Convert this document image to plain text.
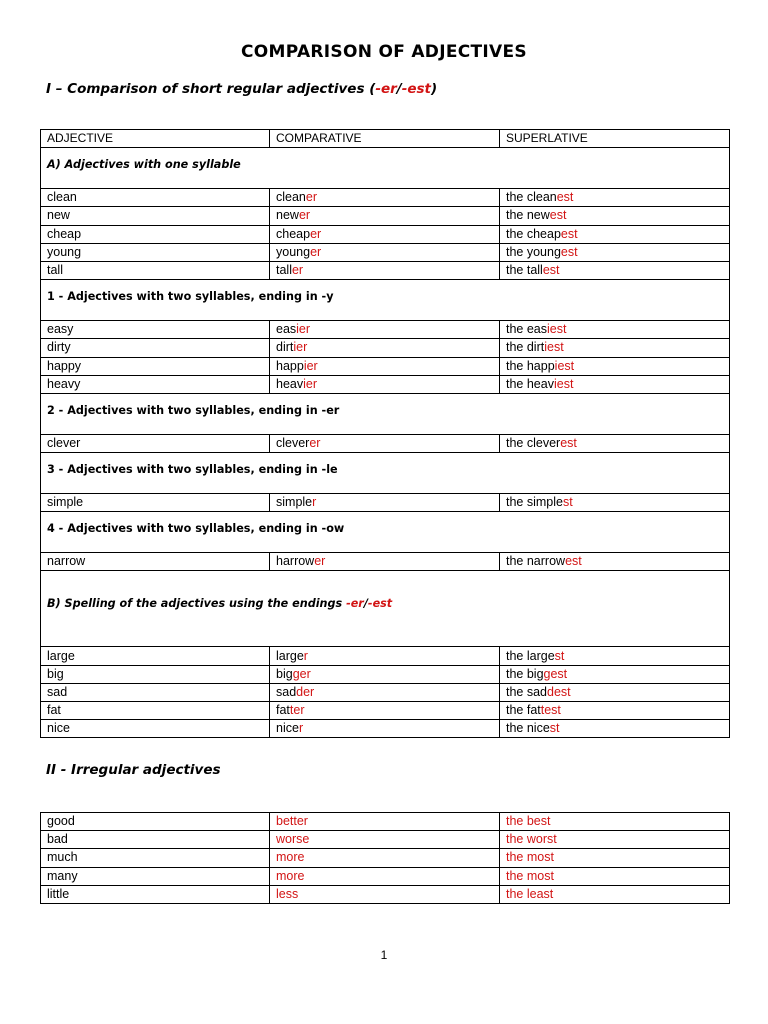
COMPARISON OF ADJECTIVES
I – Comparison of short regular adjectives (-er/-est)
ADJECTIVE	COMPARATIVE	SUPERLATIVE
A) Adjectives with one syllable		
clean	cleaner	the cleanest
new	newer	the newest
cheap	cheaper	the cheapest
young	younger	the youngest
tall	taller	the tallest
1 - Adjectives with two syllables, ending in -y		
easy	easier	the easiest
dirty	dirtier	the dirtiest
happy	happier	the happiest
heavy	heavier	the heaviest
2 - Adjectives with two syllables, ending in -er		
clever	cleverer	the cleverest
3 - Adjectives with two syllables, ending in -le		
simple	simpler	the simplest
4 - Adjectives with two syllables, ending in -ow		
narrow	harrower	the narrowest
B) Spelling of the adjectives using the endings -er/-est		
large	larger	the largest
big	bigger	the biggest
sad	sadder	the saddest
fat	fatter	the fattest
nice	nicer	the nicest
II - Irregular adjectives
good	better	the best
bad	worse	the worst
much	more	the most
many	more	the most
little	less	the least
1
